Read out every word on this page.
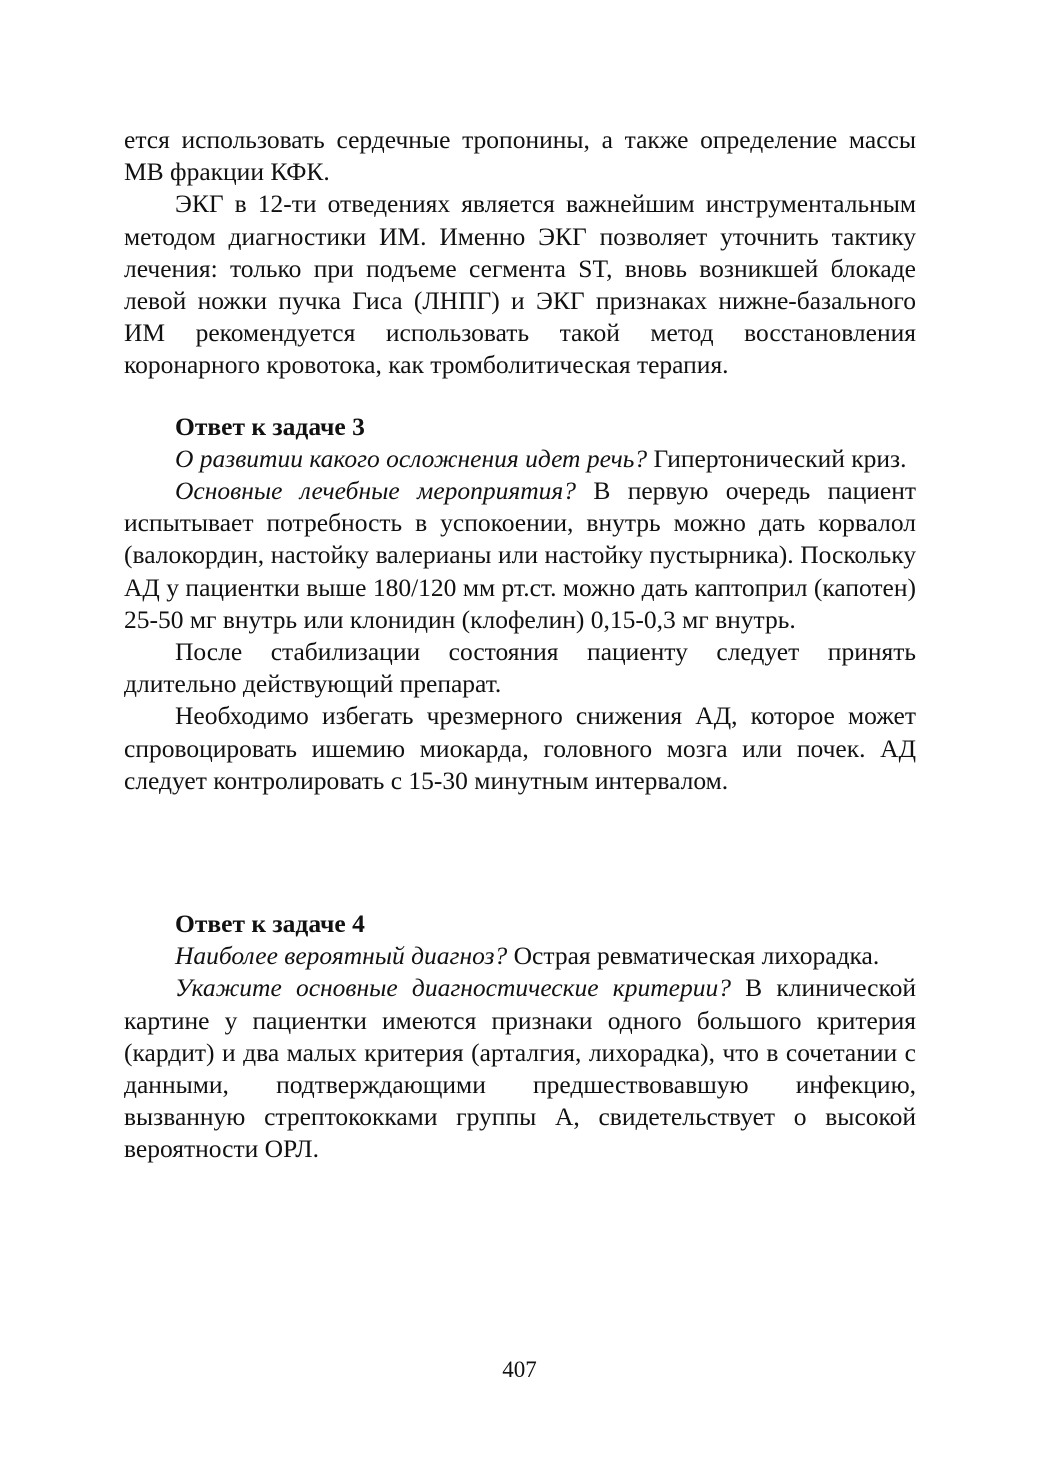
ется использовать сердечные тропонины, а также определение массы МВ фракции КФК.

ЭКГ в 12-ти отведениях является важнейшим инструментальным методом диагностики ИМ. Именно ЭКГ позволяет уточнить тактику лечения: только при подъеме сегмента ST, вновь возникшей блокаде левой ножки пучка Гиса (ЛНПГ) и ЭКГ признаках нижне-базального ИМ рекомендуется использовать такой метод восстановления коронарного кровотока, как тромболитическая терапия.

Ответ к задаче 3

О развитии какого осложнения идет речь? Гипертонический криз.

Основные лечебные мероприятия? В первую очередь пациент испытывает потребность в успокоении, внутрь можно дать корвалол (валокордин, настойку валерианы или настойку пустырника). Поскольку АД у пациентки выше 180/120 мм рт.ст. можно дать каптоприл (капотен) 25-50 мг внутрь или клонидин (клофелин) 0,15-0,3 мг внутрь.

После стабилизации состояния пациенту следует принять длительно действующий препарат.

Необходимо избегать чрезмерного снижения АД, которое может спровоцировать ишемию миокарда, головного мозга или почек. АД следует контролировать с 15-30 минутным интервалом.

Ответ к задаче 4

Наиболее вероятный диагноз? Острая ревматическая лихорадка.

Укажите основные диагностические критерии? В клинической картине у пациентки имеются признаки одного большого критерия (кардит) и два малых критерия (арталгия, лихорадка), что в сочетании с данными, подтверждающими предшествовавшую инфекцию, вызванную стрептококками группы А, свидетельствует о высокой вероятности ОРЛ.

407
